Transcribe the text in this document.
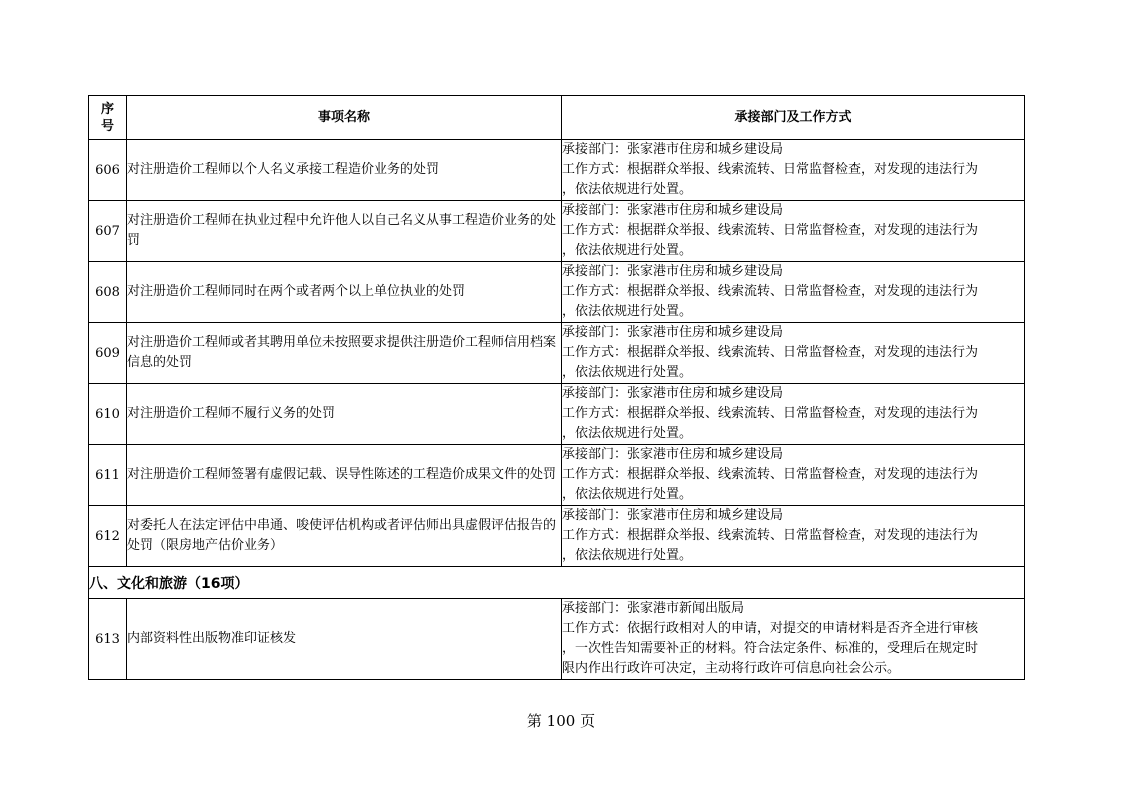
序号	事项名称	承接部门及工作方式
606	对注册造价工程师以个人名义承接工程造价业务的处罚	承接部门：张家港市住房和城乡建设局
工作方式：根据群众举报、线索流转、日常监督检查，对发现的违法行为
，依法依规进行处置。

607	对注册造价工程师在执业过程中允许他人以自己名义从事工程造价业务的处罚	承接部门：张家港市住房和城乡建设局
工作方式：根据群众举报、线索流转、日常监督检查，对发现的违法行为
，依法依规进行处置。

608	对注册造价工程师同时在两个或者两个以上单位执业的处罚	承接部门：张家港市住房和城乡建设局
工作方式：根据群众举报、线索流转、日常监督检查，对发现的违法行为
，依法依规进行处置。

609	对注册造价工程师或者其聘用单位未按照要求提供注册造价工程师信用档案信息的处罚	承接部门：张家港市住房和城乡建设局
工作方式：根据群众举报、线索流转、日常监督检查，对发现的违法行为
，依法依规进行处置。

610	对注册造价工程师不履行义务的处罚	承接部门：张家港市住房和城乡建设局
工作方式：根据群众举报、线索流转、日常监督检查，对发现的违法行为
，依法依规进行处置。

611	对注册造价工程师签署有虚假记载、误导性陈述的工程造价成果文件的处罚	承接部门：张家港市住房和城乡建设局
工作方式：根据群众举报、线索流转、日常监督检查，对发现的违法行为
，依法依规进行处置。

612	对委托人在法定评估中串通、唆使评估机构或者评估师出具虚假评估报告的处罚（限房地产估价业务）	承接部门：张家港市住房和城乡建设局
工作方式：根据群众举报、线索流转、日常监督检查，对发现的违法行为
，依法依规进行处置。

八、文化和旅游（16项）		
613	内部资料性出版物准印证核发	承接部门：张家港市新闻出版局
工作方式：依据行政相对人的申请，对提交的申请材料是否齐全进行审核
，一次性告知需要补正的材料。符合法定条件、标准的，受理后在规定时
限内作出行政许可决定，主动将行政许可信息向社会公示。
第 100 页
